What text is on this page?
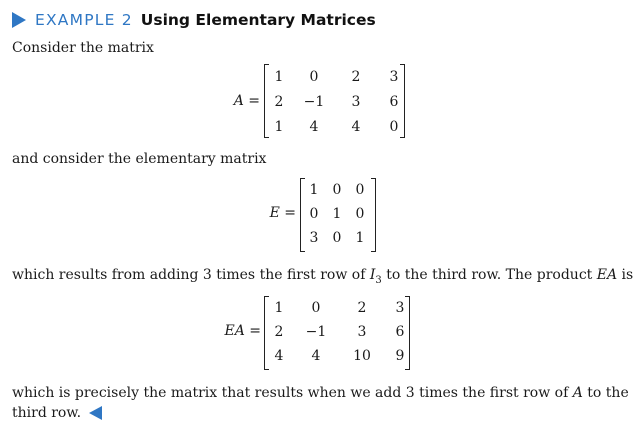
EXAMPLE 2 Using Elementary Matrices
Consider the matrix
A =
1	0	2	3
2	−1	3	6
1	4	4	0
and consider the elementary matrix
E =
1	0	0
0	1	0
3	0	1
which results from adding 3 times the first row of $I_3$ to the third row. The product EA is
EA =
1	0	2	3
2	−1	3	6
4	4	10	9
which is precisely the matrix that results when we add 3 times the first row of A to the
third row.
